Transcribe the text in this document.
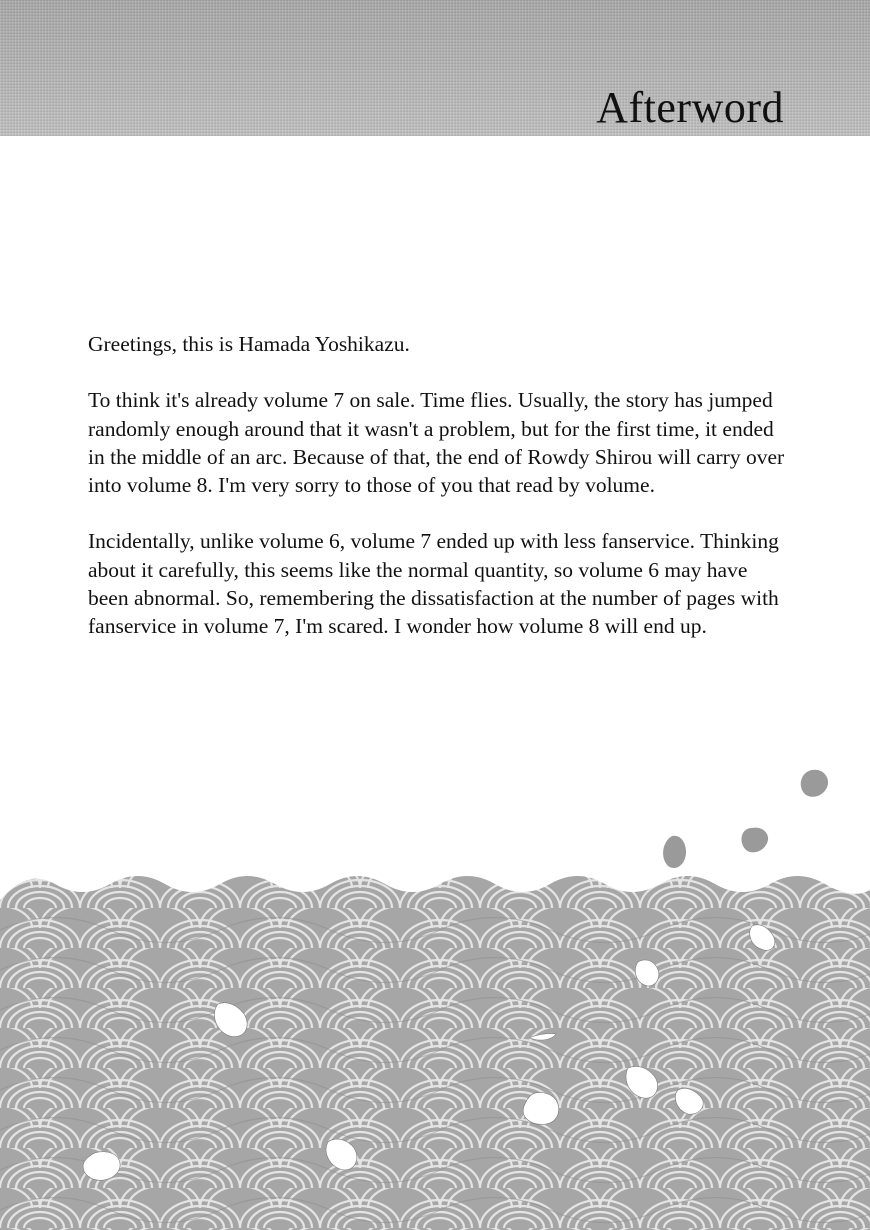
Afterword

Greetings, this is Hamada Yoshikazu.

To think it's already volume 7 on sale. Time flies. Usually, the story has jumped randomly enough around that it wasn't a problem, but for the first time, it ended in the middle of an arc. Because of that, the end of Rowdy Shirou will carry over into volume 8. I'm very sorry to those of you that read by volume.

Incidentally, unlike volume 6, volume 7 ended up with less fanservice. Thinking about it carefully, this seems like the normal quantity, so volume 6 may have been abnormal. So, remembering the dissatisfaction at the number of pages with fanservice in volume 7, I'm scared. I wonder how volume 8 will end up.
